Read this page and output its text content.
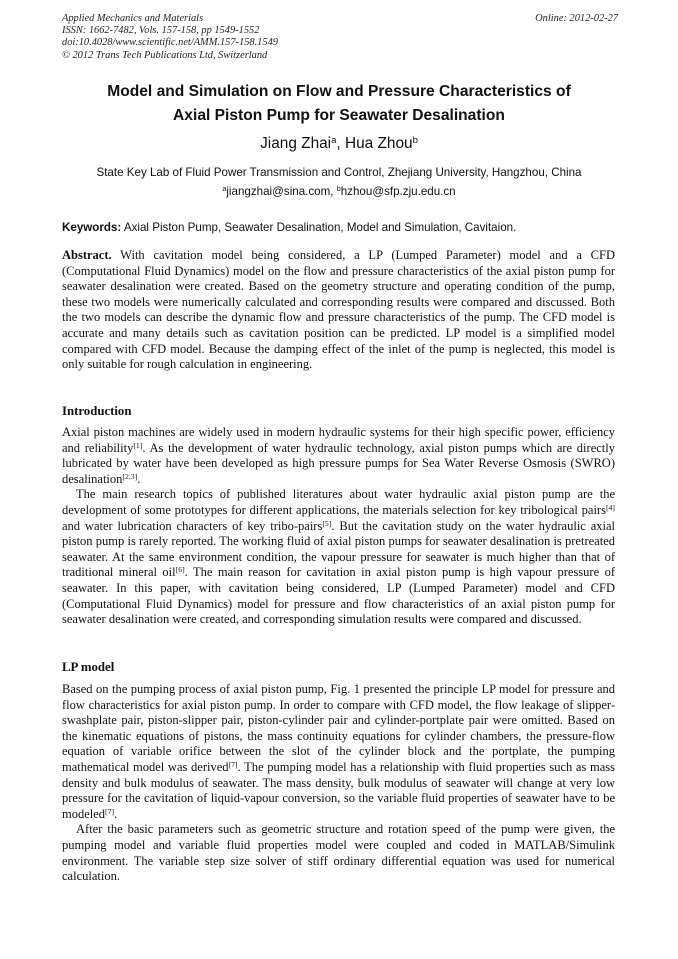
Applied Mechanics and Materials
ISSN: 1662-7482, Vols. 157-158, pp 1549-1552
doi:10.4028/www.scientific.net/AMM.157-158.1549
© 2012 Trans Tech Publications Ltd, Switzerland
Online: 2012-02-27
Model and Simulation on Flow and Pressure Characteristics of
Axial Piston Pump for Seawater Desalination
Jiang Zhai$^a$, Hua Zhou$^b$
State Key Lab of Fluid Power Transmission and Control, Zhejiang University, Hangzhou, China
$^a$jiangzhai@sina.com, $^b$hzhou@sfp.zju.edu.cn
Keywords: Axial Piston Pump, Seawater Desalination, Model and Simulation, Cavitaion.

Abstract. With cavitation model being considered, a LP (Lumped Parameter) model and a CFD (Computational Fluid Dynamics) model on the flow and pressure characteristics of the axial piston pump for seawater desalination were created. Based on the geometry structure and operating condition of the pump, these two models were numerically calculated and corresponding results were compared and discussed. Both the two models can describe the dynamic flow and pressure characteristics of the pump. The CFD model is accurate and many details such as cavitation position can be predicted. LP model is a simplified model compared with CFD model. Because the damping effect of the inlet of the pump is neglected, this model is only suitable for rough calculation in engineering.

Introduction

Axial piston machines are widely used in modern hydraulic systems for their high specific power, efficiency and reliability[1]. As the development of water hydraulic technology, axial piston pumps which are directly lubricated by water have been developed as high pressure pumps for Sea Water Reverse Osmosis (SWRO) desalination[2,3].

The main research topics of published literatures about water hydraulic axial piston pump are the development of some prototypes for different applications, the materials selection for key tribological pairs[4] and water lubrication characters of key tribo-pairs[5]. But the cavitation study on the water hydraulic axial piston pump is rarely reported. The working fluid of axial piston pumps for seawater desalination is pretreated seawater. At the same environment condition, the vapour pressure for seawater is much higher than that of traditional mineral oil[6]. The main reason for cavitation in axial piston pump is high vapour pressure of seawater. In this paper, with cavitation being considered, LP (Lumped Parameter) model and CFD (Computational Fluid Dynamics) model for pressure and flow characteristics of an axial piston pump for seawater desalination were created, and corresponding simulation results were compared and discussed.

LP model

Based on the pumping process of axial piston pump, Fig. 1 presented the principle LP model for pressure and flow characteristics for axial piston pump. In order to compare with CFD model, the flow leakage of slipper-swashplate pair, piston-slipper pair, piston-cylinder pair and cylinder-portplate pair were omitted. Based on the kinematic equations of pistons, the mass continuity equations for cylinder chambers, the pressure-flow equation of variable orifice between the slot of the cylinder block and the portplate, the pumping mathematical model was derived[7]. The pumping model has a relationship with fluid properties such as mass density and bulk modulus of seawater. The mass density, bulk modulus of seawater will change at very low pressure for the cavitation of liquid-vapour conversion, so the variable fluid properties of seawater have to be modeled[7].

After the basic parameters such as geometric structure and rotation speed of the pump were given, the pumping model and variable fluid properties model were coupled and coded in MATLAB/Simulink environment. The variable step size solver of stiff ordinary differential equation was used for numerical calculation.
